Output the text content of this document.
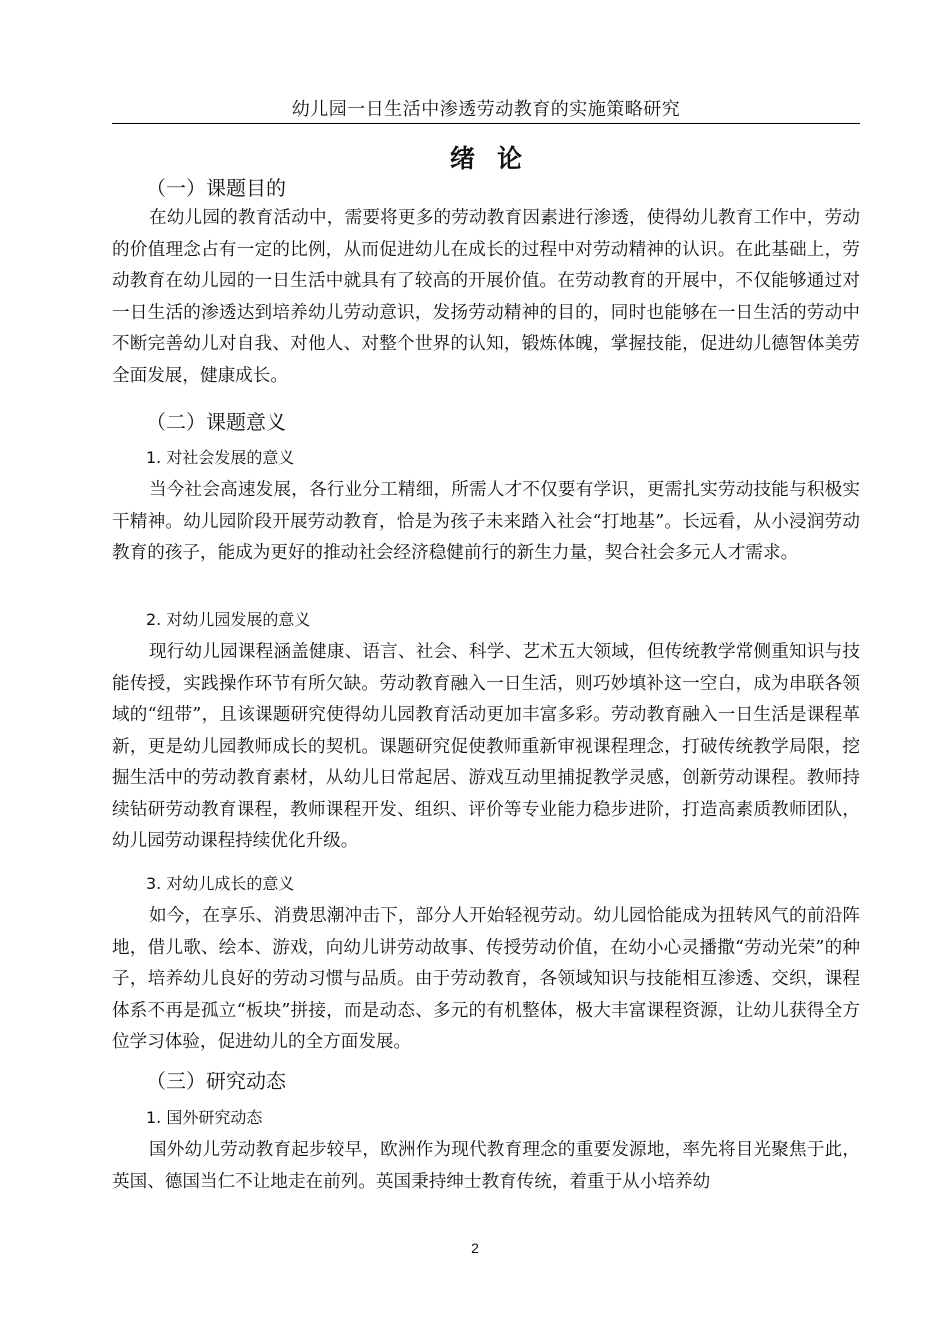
幼儿园一日生活中渗透劳动教育的实施策略研究
绪论
（一）课题目的
在幼儿园的教育活动中，需要将更多的劳动教育因素进行渗透，使得幼儿教育工作中，劳动的价值理念占有一定的比例，从而促进幼儿在成长的过程中对劳动精神的认识。在此基础上，劳动教育在幼儿园的一日生活中就具有了较高的开展价值。在劳动教育的开展中，不仅能够通过对一日生活的渗透达到培养幼儿劳动意识，发扬劳动精神的目的，同时也能够在一日生活的劳动中不断完善幼儿对自我、对他人、对整个世界的认知，锻炼体魄，掌握技能，促进幼儿德智体美劳全面发展，健康成长。
（二）课题意义
1. 对社会发展的意义
当今社会高速发展，各行业分工精细，所需人才不仅要有学识，更需扎实劳动技能与积极实干精神。幼儿园阶段开展劳动教育，恰是为孩子未来踏入社会“打地基”。长远看，从小浸润劳动教育的孩子，能成为更好的推动社会经济稳健前行的新生力量，契合社会多元人才需求。
2. 对幼儿园发展的意义
现行幼儿园课程涵盖健康、语言、社会、科学、艺术五大领域，但传统教学常侧重知识与技能传授，实践操作环节有所欠缺。劳动教育融入一日生活，则巧妙填补这一空白，成为串联各领域的“纽带”，且该课题研究使得幼儿园教育活动更加丰富多彩。劳动教育融入一日生活是课程革新，更是幼儿园教师成长的契机。课题研究促使教师重新审视课程理念，打破传统教学局限，挖掘生活中的劳动教育素材，从幼儿日常起居、游戏互动里捕捉教学灵感，创新劳动课程。教师持续钻研劳动教育课程，教师课程开发、组织、评价等专业能力稳步进阶，打造高素质教师团队，幼儿园劳动课程持续优化升级。
3. 对幼儿成长的意义
如今，在享乐、消费思潮冲击下，部分人开始轻视劳动。幼儿园恰能成为扭转风气的前沿阵地，借儿歌、绘本、游戏，向幼儿讲劳动故事、传授劳动价值，在幼小心灵播撒“劳动光荣”的种子，培养幼儿良好的劳动习惯与品质。由于劳动教育，各领域知识与技能相互渗透、交织，课程体系不再是孤立“板块”拼接，而是动态、多元的有机整体，极大丰富课程资源，让幼儿获得全方位学习体验，促进幼儿的全方面发展。
（三）研究动态
1. 国外研究动态
国外幼儿劳动教育起步较早，欧洲作为现代教育理念的重要发源地，率先将目光聚焦于此，英国、德国当仁不让地走在前列。英国秉持绅士教育传统，着重于从小培养幼
2
